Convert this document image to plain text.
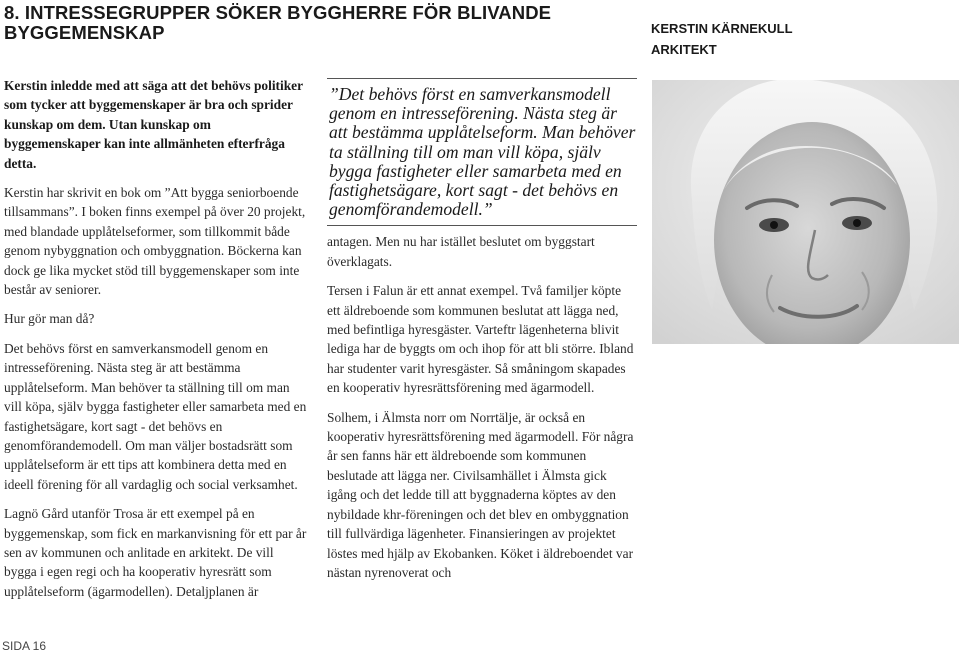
8. INTRESSEGRUPPER SÖKER BYGGHERRE FÖR BLIVANDE BYGGEMENSKAP	KERSTIN KÄRNEKULL
ARKITEKT

Kerstin inledde med att säga att det behövs politiker som tycker att byggemenskaper är bra och sprider kunskap om dem. Utan kunskap om byggemenskaper kan inte allmänheten efterfråga detta.

Kerstin har skrivit en bok om ”Att bygga seniorboende tillsammans”. I boken finns exempel på över 20 projekt, med blandade upplåtelseformer, som tillkommit både genom nybyggnation och ombyggnation. Böckerna kan dock ge lika mycket stöd till byggemenskaper som inte består av seniorer.

Hur gör man då?

Det behövs först en samverkansmodell genom en intresseförening. Nästa steg är att bestämma upplåtelseform. Man behöver ta ställning till om man vill köpa, själv bygga fastigheter eller samarbeta med en fastighetsägare, kort sagt - det behövs en genomförandemodell. Om man väljer bostadsrätt som upplåtelseform är ett tips att kombinera detta med en ideell förening för all vardaglig och social verksamhet.

Lagnö Gård utanför Trosa är ett exempel på en byggemenskap, som fick en markanvisning för ett par år sen av kommunen och anlitade en arkitekt. De vill bygga i egen regi och ha kooperativ hyresrätt som upplåtelseform (ägarmodellen). Detaljplanen är

”Det behövs först en samverkansmodell genom en intresseförening. Nästa steg är att bestämma upplåtelseform. Man behöver ta ställning till om man vill köpa, själv bygga fastigheter eller samarbeta med en fastighetsägare, kort sagt - det behövs en genomförandemodell.”

antagen. Men nu har istället beslutet om byggstart överklagats.

Tersen i Falun är ett annat exempel. Två familjer köpte ett äldreboende som kommunen beslutat att lägga ned, med befintliga hyresgäster. Varteftr lägenheterna blivit lediga har de byggts om och ihop för att bli större. Ibland har studenter varit hyresgäster. Så småningom skapades en kooperativ hyresrättsförening med ägarmodell.

Solhem, i Älmsta norr om Norrtälje, är också en kooperativ hyresrättsförening med ägarmodell. För några år sen fanns här ett äldreboende som kommunen beslutade att lägga ner. Civilsamhället i Älmsta gick igång och det ledde till att byggnaderna köptes av den nybildade khr-föreningen och det blev en ombyggnation till fullvärdiga lägenheter. Finansieringen av projektet löstes med hjälp av Ekobanken. Köket i äldreboendet var nästan nyrenoverat och

SIDA 16
